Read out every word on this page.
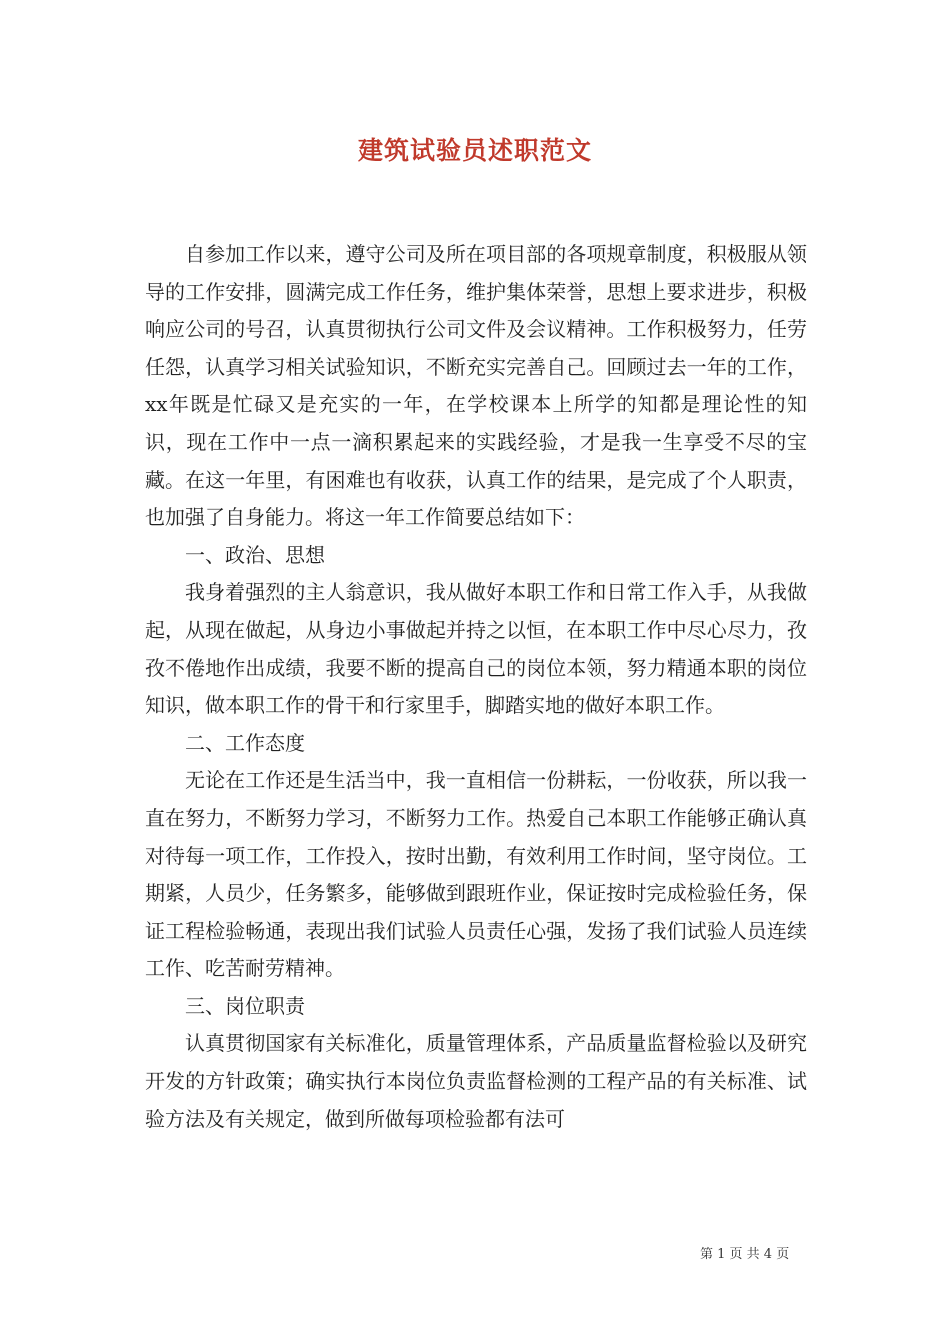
建筑试验员述职范文

自参加工作以来，遵守公司及所在项目部的各项规章制度，积极服从领导的工作安排，圆满完成工作任务，维护集体荣誉，思想上要求进步，积极响应公司的号召，认真贯彻执行公司文件及会议精神。工作积极努力，任劳任怨，认真学习相关试验知识，不断充实完善自己。回顾过去一年的工作，xx年既是忙碌又是充实的一年，在学校课本上所学的知都是理论性的知识，现在工作中一点一滴积累起来的实践经验，才是我一生享受不尽的宝藏。在这一年里，有困难也有收获，认真工作的结果，是完成了个人职责，也加强了自身能力。将这一年工作简要总结如下：

一、政治、思想

我身着强烈的主人翁意识，我从做好本职工作和日常工作入手，从我做起，从现在做起，从身边小事做起并持之以恒，在本职工作中尽心尽力，孜孜不倦地作出成绩，我要不断的提高自己的岗位本领，努力精通本职的岗位知识，做本职工作的骨干和行家里手，脚踏实地的做好本职工作。

二、工作态度

无论在工作还是生活当中，我一直相信一份耕耘，一份收获，所以我一直在努力，不断努力学习，不断努力工作。热爱自己本职工作能够正确认真对待每一项工作，工作投入，按时出勤，有效利用工作时间，坚守岗位。工期紧，人员少，任务繁多，能够做到跟班作业，保证按时完成检验任务，保证工程检验畅通，表现出我们试验人员责任心强，发扬了我们试验人员连续工作、吃苦耐劳精神。

三、岗位职责

认真贯彻国家有关标准化，质量管理体系，产品质量监督检验以及研究开发的方针政策；确实执行本岗位负责监督检测的工程产品的有关标准、试验方法及有关规定，做到所做每项检验都有法可

第 1 页 共 4 页
